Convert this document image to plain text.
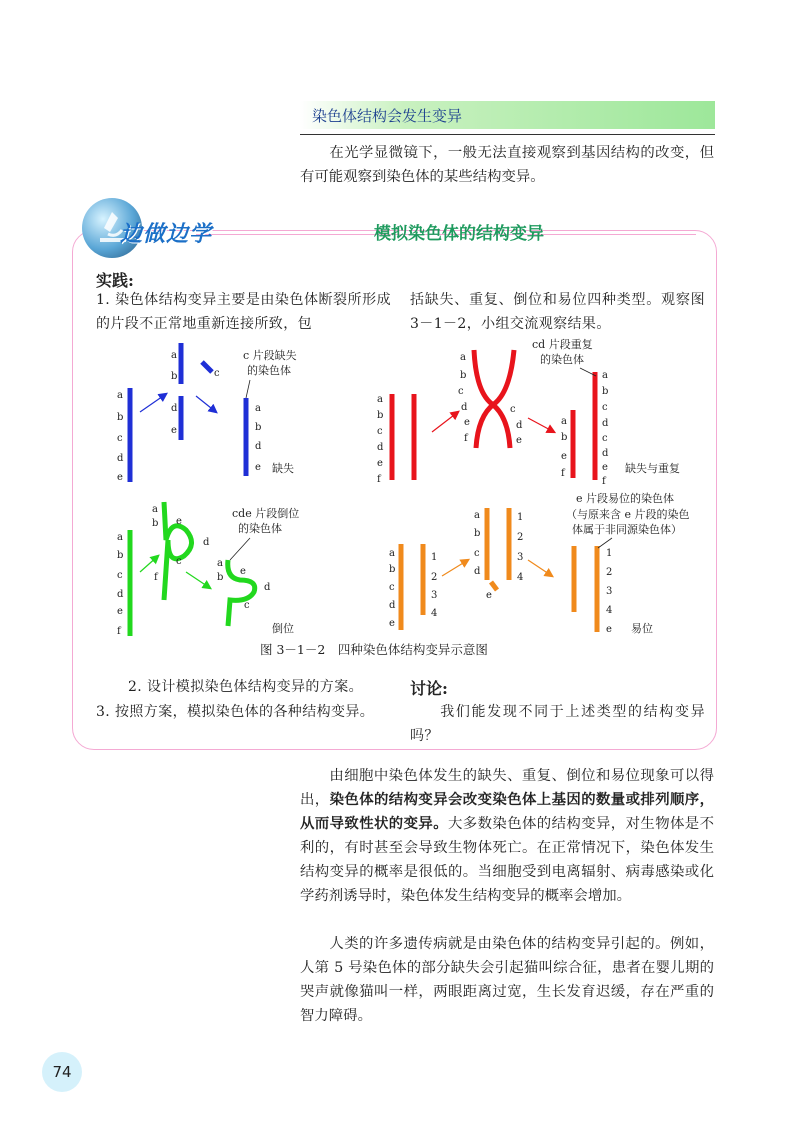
染色体结构会发生变异
在光学显微镜下，一般无法直接观察到基因结构的改变，但有可能观察到染色体的某些结构变异。
边做边学	模拟染色体的结构变异
实践:
1. 染色体结构变异主要是由染色体断裂所形成的片段不正常地重新连接所致，包
括缺失、重复、倒位和易位四种类型。观察图 3－1－2，小组交流观察结果。
a
b
c
d
e
a
b	c
d
e
a
b
d
e
c 片段缺失
的染色体
缺失
a
b
c
d
e
f
a
b
c
d
e
f
c
d
e
a
b
e
f
a
b
c
d
c
d
e
f
cd 片段重复
的染色体
缺失与重复
a
b
c
d
e
f
a
b e
d
c
f
a
b
e
d
c
cde 片段倒位
的染色体
倒位
a
b
c
d
e
1
2
3
4
a
b
c
d
e
1
2
3
4
1
2
3
4
e
e 片段易位的染色体
（与原来含 e 片段的染色
体属于非同源染色体）
易位
图 3－1－2　四种染色体结构变异示意图
2. 设计模拟染色体结构变异的方案。
3. 按照方案，模拟染色体的各种结构变异。
讨论:
我们能发现不同于上述类型的结构变异吗？
由细胞中染色体发生的缺失、重复、倒位和易位现象可以得出，染色体的结构变异会改变染色体上基因的数量或排列顺序，从而导致性状的变异。大多数染色体的结构变异，对生物体是不利的，有时甚至会导致生物体死亡。在正常情况下，染色体发生结构变异的概率是很低的。当细胞受到电离辐射、病毒感染或化学药剂诱导时，染色体发生结构变异的概率会增加。
人类的许多遗传病就是由染色体的结构变异引起的。例如，人第 5 号染色体的部分缺失会引起猫叫综合征，患者在婴儿期的哭声就像猫叫一样，两眼距离过宽，生长发育迟缓，存在严重的智力障碍。
74
